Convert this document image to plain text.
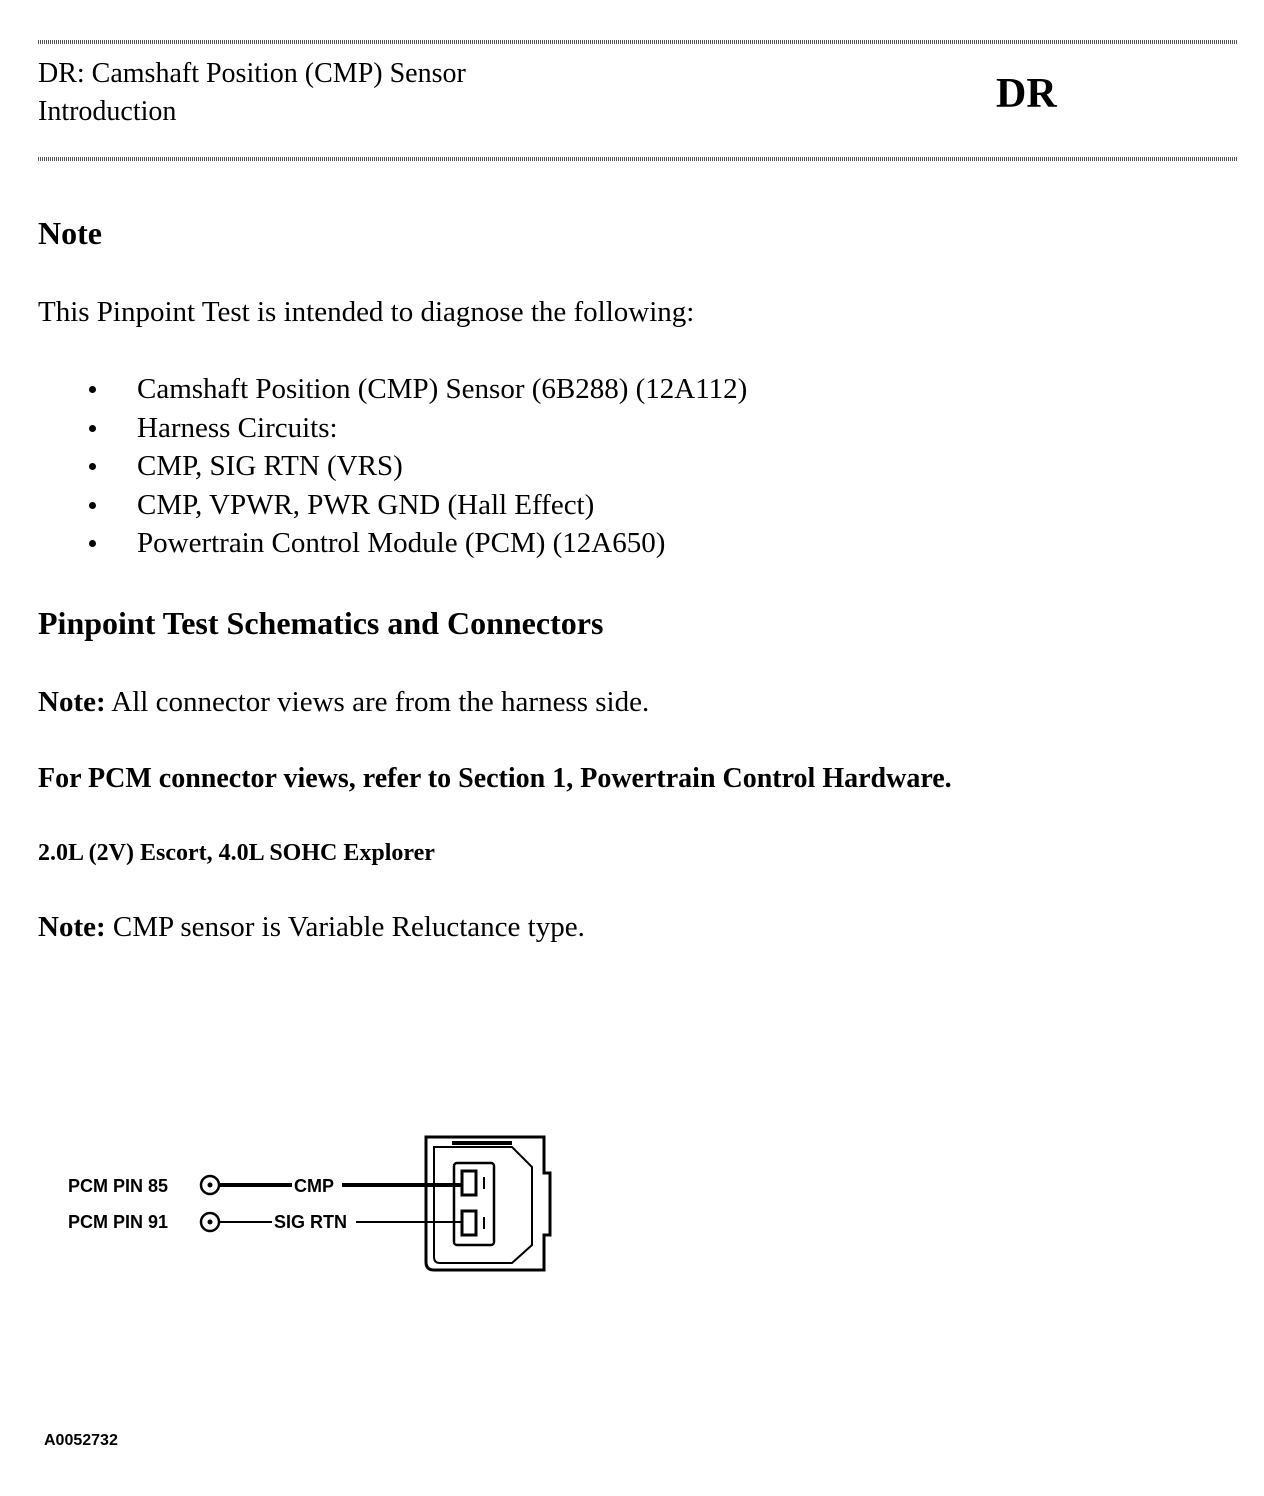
DR: Camshaft Position (CMP) Sensor
Introduction	DR
Note

This Pinpoint Test is intended to diagnose the following:

Camshaft Position (CMP) Sensor (6B288) (12A112)
Harness Circuits:
CMP, SIG RTN (VRS)
CMP, VPWR, PWR GND (Hall Effect)
Powertrain Control Module (PCM) (12A650)
Pinpoint Test Schematics and Connectors

Note: All connector views are from the harness side.

For PCM connector views, refer to Section 1, Powertrain Control Hardware.

2.0L (2V) Escort, 4.0L SOHC Explorer

Note: CMP sensor is Variable Reluctance type.

PCM PIN 85	CMP
PCM PIN 91	SIG RTN
A0052732
